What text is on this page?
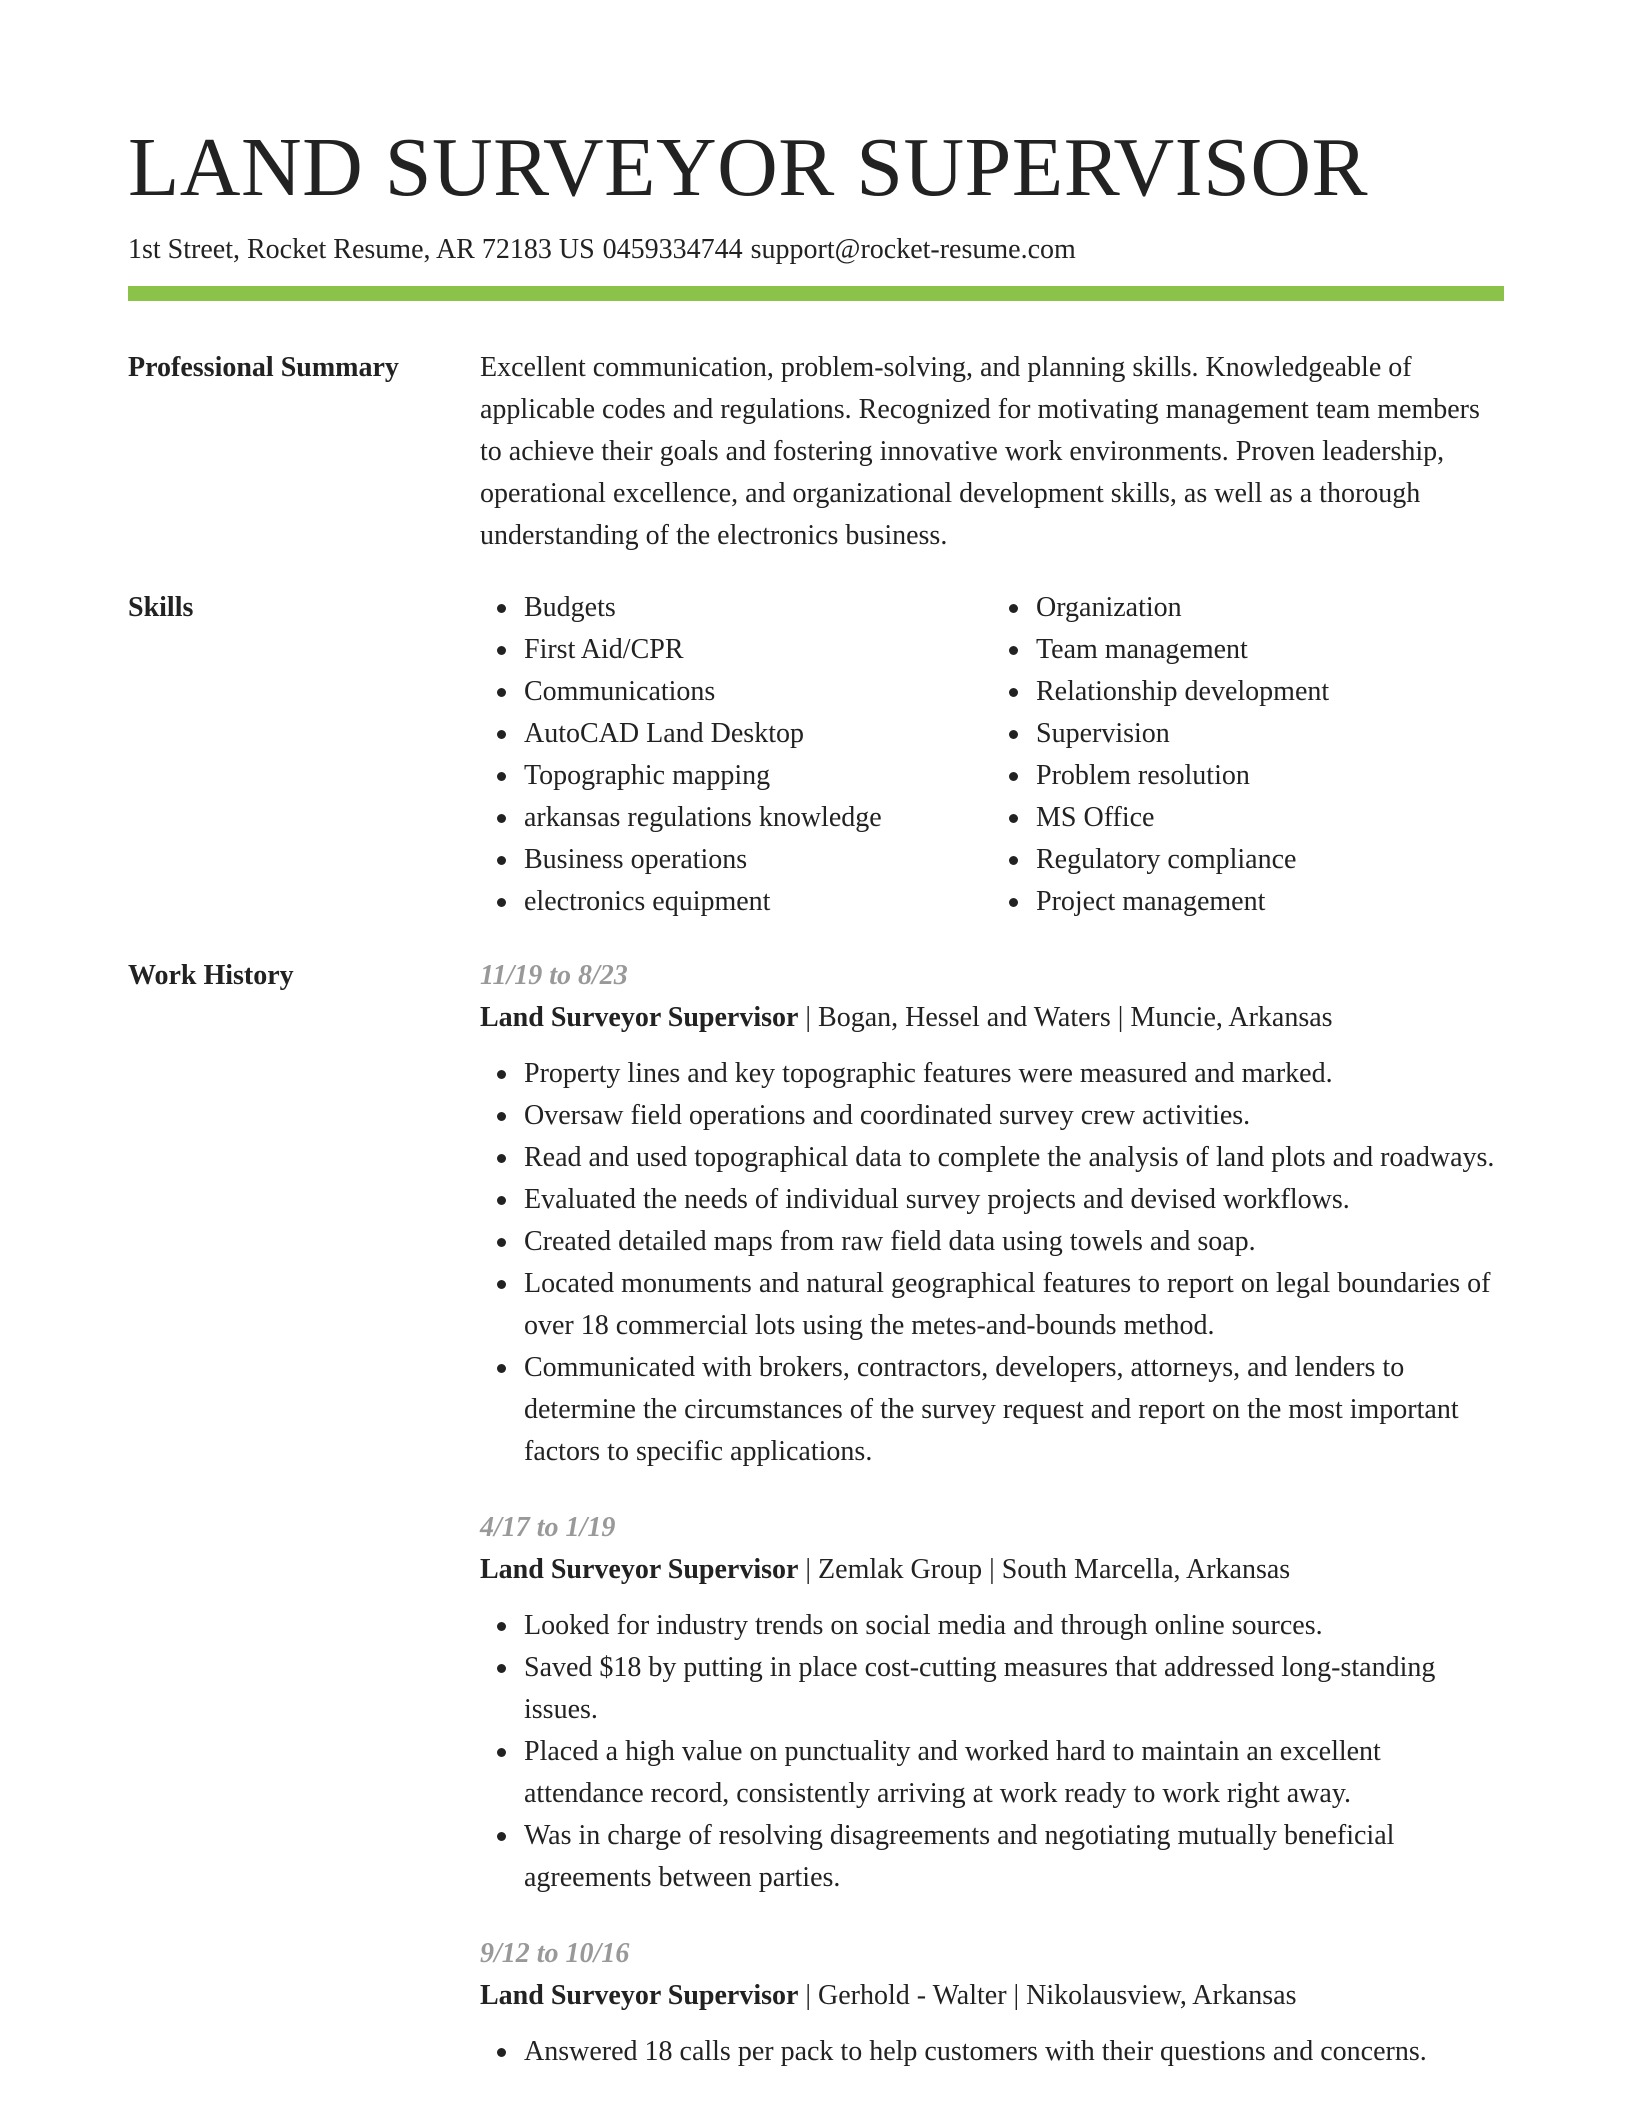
LAND SURVEYOR SUPERVISOR
1st Street, Rocket Resume, AR 72183 US 0459334744 support@rocket-resume.com
Professional Summary	Excellent communication, problem-solving, and planning skills. Knowledgeable of applicable codes and regulations. Recognized for motivating management team members to achieve their goals and fostering innovative work environments. Proven leadership, operational excellence, and organizational development skills, as well as a thorough understanding of the electronics business.

Skills	Budgets
First Aid/CPR
Communications
AutoCAD Land Desktop
Topographic mapping
arkansas regulations knowledge
Business operations
electronics equipment
Organization
Team management
Relationship development
Supervision
Problem resolution
MS Office
Regulatory compliance
Project management
Work History	11/19 to 8/23
Land Surveyor Supervisor | Bogan, Hessel and Waters | Muncie, Arkansas
Property lines and key topographic features were measured and marked.
Oversaw field operations and coordinated survey crew activities.
Read and used topographical data to complete the analysis of land plots and roadways.
Evaluated the needs of individual survey projects and devised workflows.
Created detailed maps from raw field data using towels and soap.
Located monuments and natural geographical features to report on legal boundaries of over 18 commercial lots using the metes-and-bounds method.
Communicated with brokers, contractors, developers, attorneys, and lenders to determine the circumstances of the survey request and report on the most important factors to specific applications.
4/17 to 1/19
Land Surveyor Supervisor | Zemlak Group | South Marcella, Arkansas
Looked for industry trends on social media and through online sources.
Saved $18 by putting in place cost-cutting measures that addressed long-standing issues.
Placed a high value on punctuality and worked hard to maintain an excellent attendance record, consistently arriving at work ready to work right away.
Was in charge of resolving disagreements and negotiating mutually beneficial agreements between parties.
9/12 to 10/16
Land Surveyor Supervisor | Gerhold - Walter | Nikolausview, Arkansas
Answered 18 calls per pack to help customers with their questions and concerns.
